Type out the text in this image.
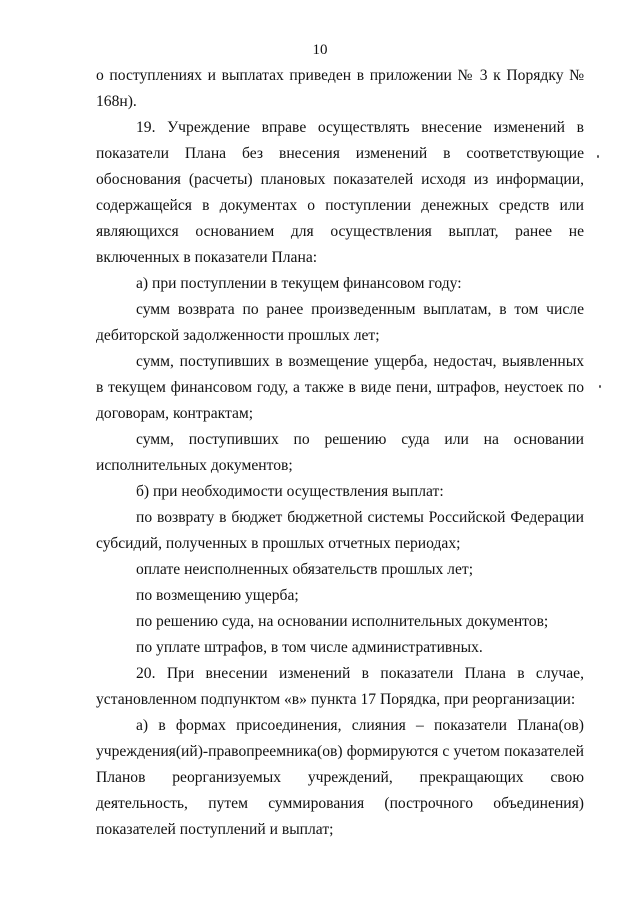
10

о поступлениях и выплатах приведен в приложении № 3 к Порядку № 168н).

19. Учреждение вправе осуществлять внесение изменений в показатели Плана без внесения изменений в соответствующие обоснования (расчеты) плановых показателей исходя из информации, содержащейся в документах о поступлении денежных средств или являющихся основанием для осуществления выплат, ранее не включенных в показатели Плана:

а) при поступлении в текущем финансовом году:

сумм возврата по ранее произведенным выплатам, в том числе дебиторской задолженности прошлых лет;

сумм, поступивших в возмещение ущерба, недостач, выявленных в текущем финансовом году, а также в виде пени, штрафов, неустоек по договорам, контрактам;

сумм, поступивших по решению суда или на основании исполнительных документов;

б) при необходимости осуществления выплат:

по возврату в бюджет бюджетной системы Российской Федерации субсидий, полученных в прошлых отчетных периодах;

оплате неисполненных обязательств прошлых лет;

по возмещению ущерба;

по решению суда, на основании исполнительных документов;

по уплате штрафов, в том числе административных.

20. При внесении изменений в показатели Плана в случае, установленном подпунктом «в» пункта 17 Порядка, при реорганизации:

а) в формах присоединения, слияния – показатели Плана(ов) учреждения(ий)-правопреемника(ов) формируются с учетом показателей Планов реорганизуемых учреждений, прекращающих свою деятельность, путем суммирования (построчного объединения) показателей поступлений и выплат;
